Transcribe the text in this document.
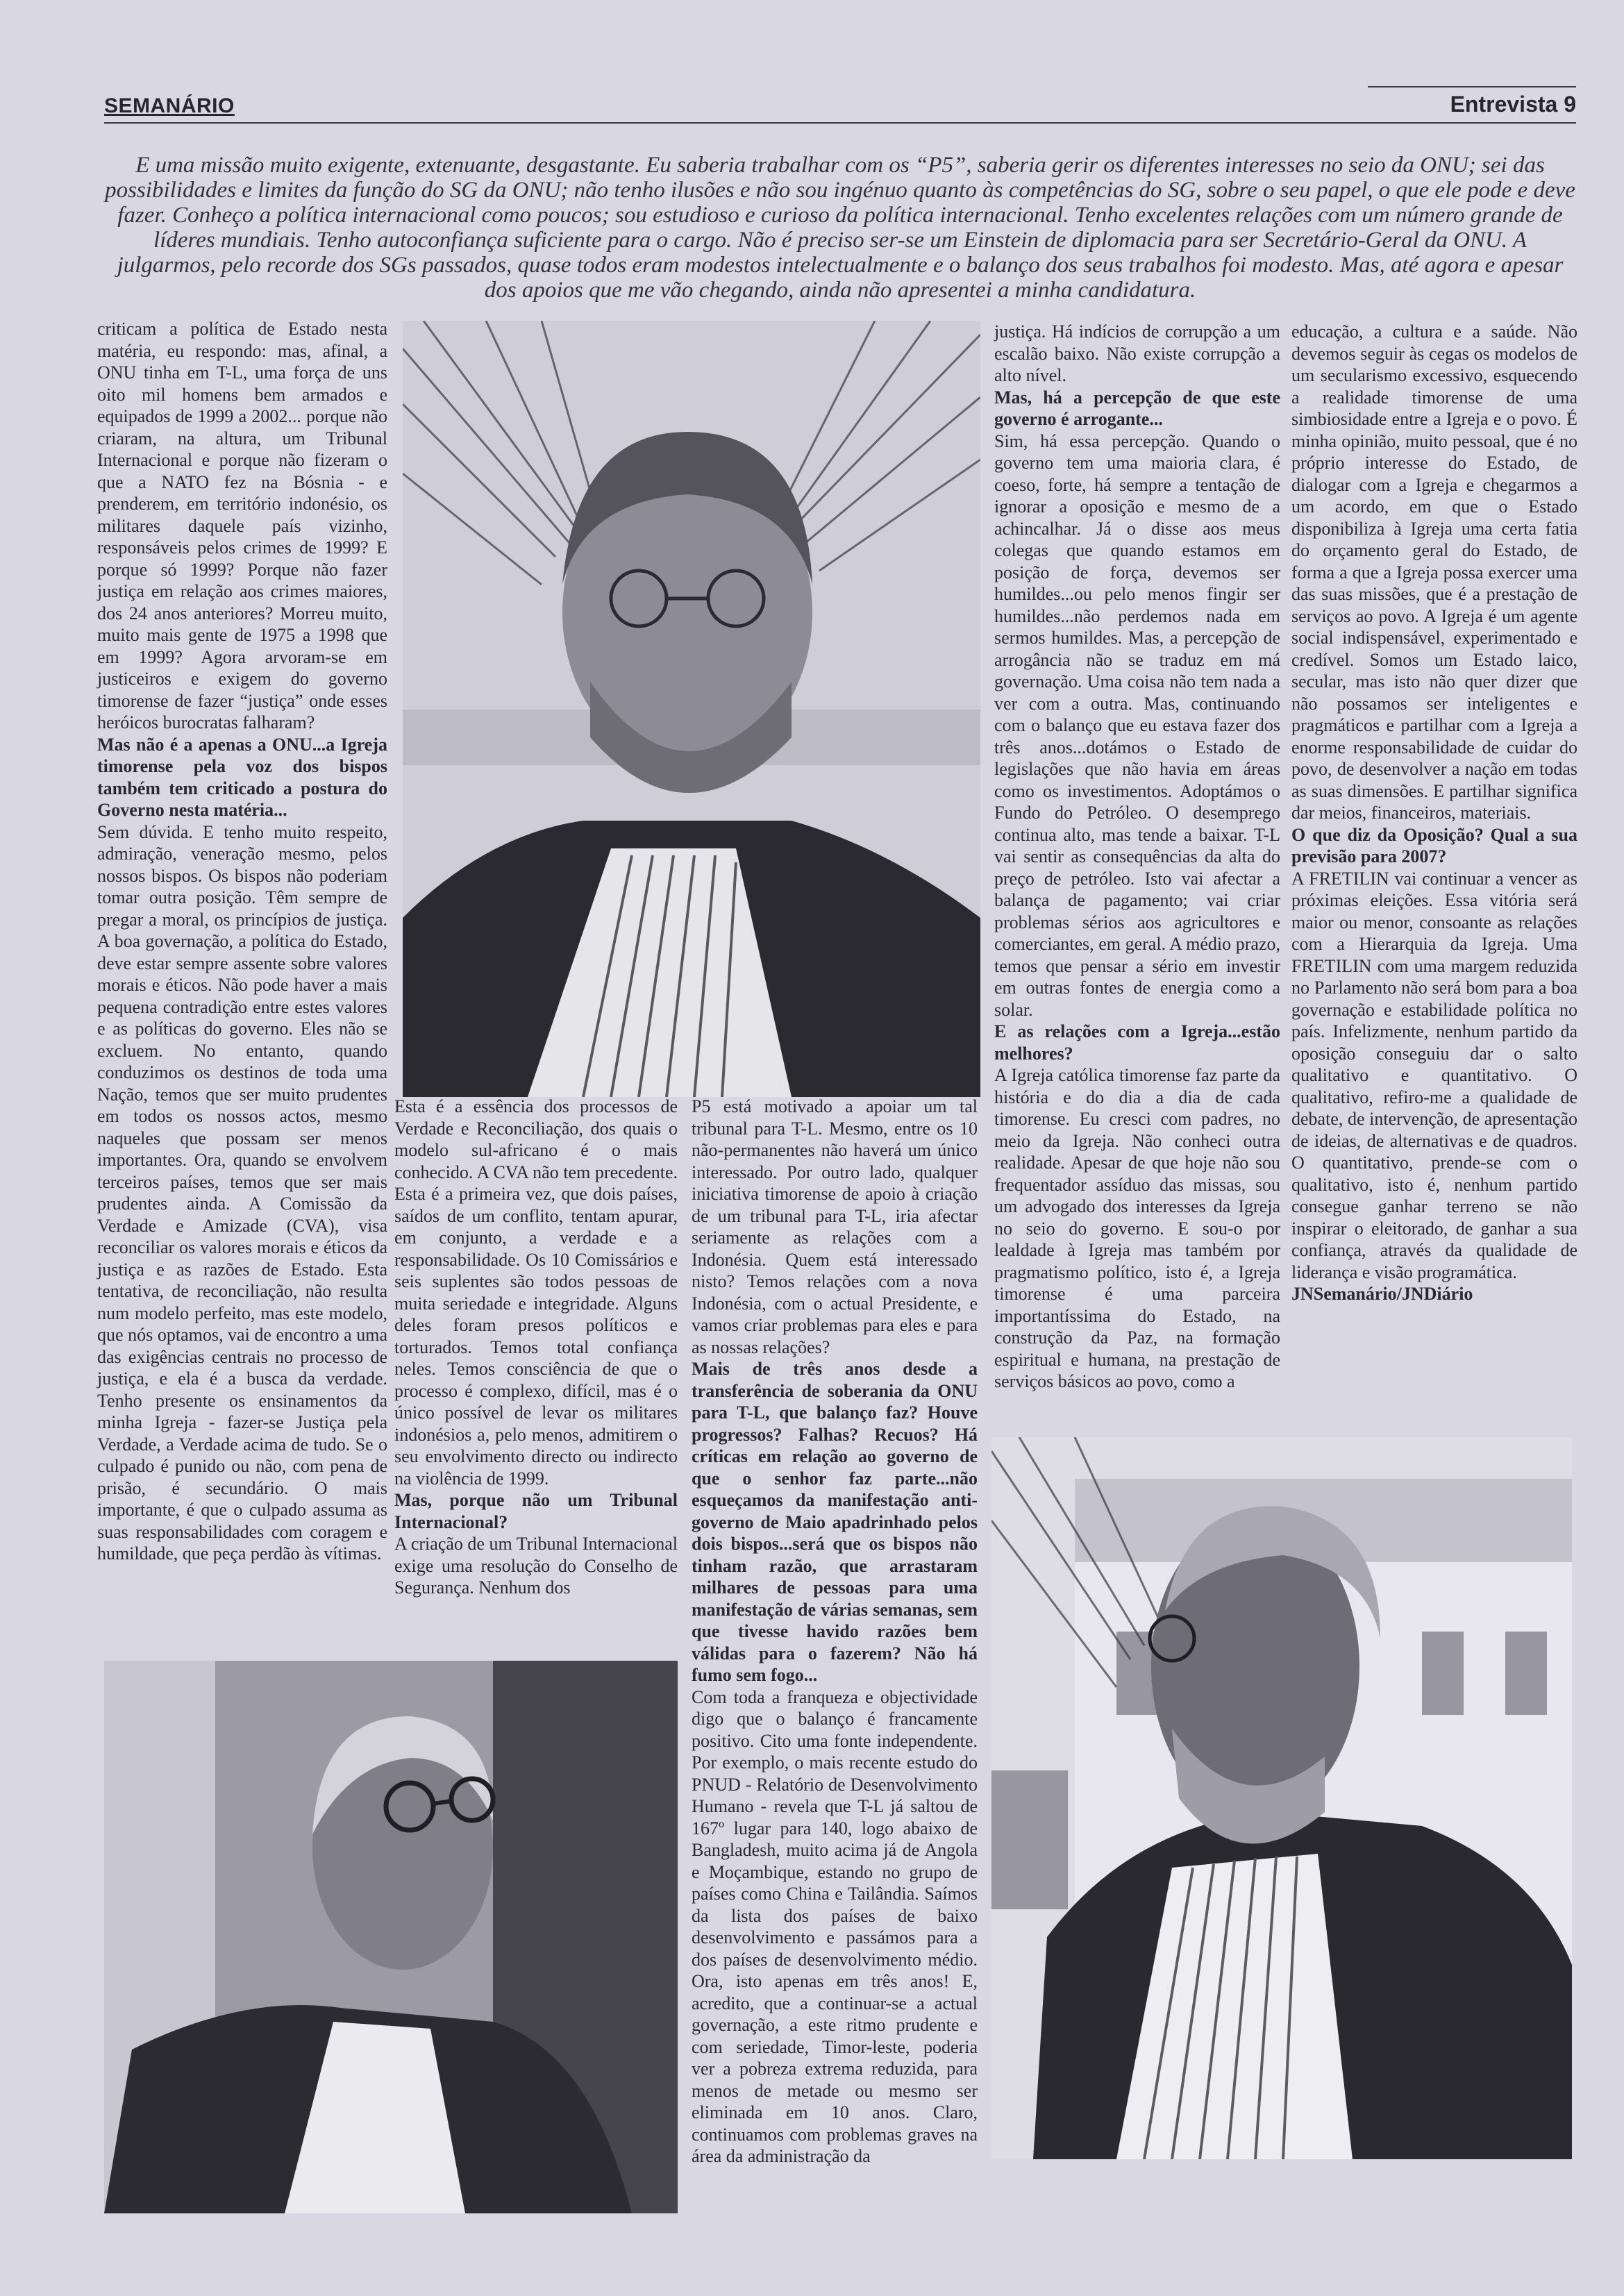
SEMANÁRIO	Entrevista 9
E uma missão muito exigente, extenuante, desgastante. Eu saberia trabalhar com os “P5”, saberia gerir os diferentes interesses no seio da ONU; sei das possibilidades e limites da função do SG da ONU; não tenho ilusões e não sou ingénuo quanto às competências do SG, sobre o seu papel, o que ele pode e deve fazer. Conheço a política internacional como poucos; sou estudioso e curioso da política internacional. Tenho excelentes relações com um número grande de líderes mundiais. Tenho autoconfiança suficiente para o cargo. Não é preciso ser-se um Einstein de diplomacia para ser Secretário-Geral da ONU. A julgarmos, pelo recorde dos SGs passados, quase todos eram modestos intelectualmente e o balanço dos seus trabalhos foi modesto. Mas, até agora e apesar dos apoios que me vão chegando, ainda não apresentei a minha candidatura.

criticam a política de Estado nesta matéria, eu respondo: mas, afinal, a ONU tinha em T-L, uma força de uns oito mil homens bem armados e equipados de 1999 a 2002... porque não criaram, na altura, um Tribunal Internacional e porque não fizeram o que a NATO fez na Bósnia - e prenderem, em território indonésio, os militares daquele país vizinho, responsáveis pelos crimes de 1999? E porque só 1999? Porque não fazer justiça em relação aos crimes maiores, dos 24 anos anteriores? Morreu muito, muito mais gente de 1975 a 1998 que em 1999? Agora arvoram-se em justiceiros e exigem do governo timorense de fazer “justiça” onde esses heróicos burocratas falharam?

Mas não é a apenas a ONU...a Igreja timorense pela voz dos bispos também tem criticado a postura do Governo nesta matéria...

Sem dúvida. E tenho muito respeito, admiração, veneração mesmo, pelos nossos bispos. Os bispos não poderiam tomar outra posição. Têm sempre de pregar a moral, os princípios de justiça. A boa governação, a política do Estado, deve estar sempre assente sobre valores morais e éticos. Não pode haver a mais pequena contradição entre estes valores e as políticas do governo. Eles não se excluem. No entanto, quando conduzimos os destinos de toda uma Nação, temos que ser muito prudentes em todos os nossos actos, mesmo naqueles que possam ser menos importantes. Ora, quando se envolvem terceiros países, temos que ser mais prudentes ainda. A Comissão da Verdade e Amizade (CVA), visa reconciliar os valores morais e éticos da justiça e as razões de Estado. Esta tentativa, de reconciliação, não resulta num modelo perfeito, mas este modelo, que nós optamos, vai de encontro a uma das exigências centrais no processo de justiça, e ela é a busca da verdade. Tenho presente os ensinamentos da minha Igreja - fazer-se Justiça pela Verdade, a Verdade acima de tudo. Se o culpado é punido ou não, com pena de prisão, é secundário. O mais importante, é que o culpado assuma as suas responsabilidades com coragem e humildade, que peça perdão às vítimas.

Esta é a essência dos processos de Verdade e Reconciliação, dos quais o modelo sul-africano é o mais conhecido. A CVA não tem precedente. Esta é a primeira vez, que dois países, saídos de um conflito, tentam apurar, em conjunto, a verdade e a responsabilidade. Os 10 Comissários e seis suplentes são todos pessoas de muita seriedade e integridade. Alguns deles foram presos políticos e torturados. Temos total confiança neles. Temos consciência de que o processo é complexo, difícil, mas é o único possível de levar os militares indonésios a, pelo menos, admitirem o seu envolvimento directo ou indirecto na violência de 1999.

Mas, porque não um Tribunal Internacional?

A criação de um Tribunal Internacional exige uma resolução do Conselho de Segurança. Nenhum dos

P5 está motivado a apoiar um tal tribunal para T-L. Mesmo, entre os 10 não-permanentes não haverá um único interessado. Por outro lado, qualquer iniciativa timorense de apoio à criação de um tribunal para T-L, iria afectar seriamente as relações com a Indonésia. Quem está interessado nisto? Temos relações com a nova Indonésia, com o actual Presidente, e vamos criar problemas para eles e para as nossas relações?

Mais de três anos desde a transferência de soberania da ONU para T-L, que balanço faz? Houve progressos? Falhas? Recuos? Há críticas em relação ao governo de que o senhor faz parte...não esqueçamos da manifestação anti-governo de Maio apadrinhado pelos dois bispos...será que os bispos não tinham razão, que arrastaram milhares de pessoas para uma manifestação de várias semanas, sem que tivesse havido razões bem válidas para o fazerem? Não há fumo sem fogo...

Com toda a franqueza e objectividade digo que o balanço é francamente positivo. Cito uma fonte independente. Por exemplo, o mais recente estudo do PNUD - Relatório de Desenvolvimento Humano - revela que T-L já saltou de 167º lugar para 140, logo abaixo de Bangladesh, muito acima já de Angola e Moçambique, estando no grupo de países como China e Tailândia. Saímos da lista dos países de baixo desenvolvimento e passámos para a dos países de desenvolvimento médio. Ora, isto apenas em três anos! E, acredito, que a continuar-se a actual governação, a este ritmo prudente e com seriedade, Timor-leste, poderia ver a pobreza extrema reduzida, para menos de metade ou mesmo ser eliminada em 10 anos. Claro, continuamos com problemas graves na área da administração da

justiça. Há indícios de corrupção a um escalão baixo. Não existe corrupção a alto nível.

Mas, há a percepção de que este governo é arrogante...

Sim, há essa percepção. Quando o governo tem uma maioria clara, é coeso, forte, há sempre a tentação de ignorar a oposição e mesmo de a achincalhar. Já o disse aos meus colegas que quando estamos em posição de força, devemos ser humildes...ou pelo menos fingir ser humildes...não perdemos nada em sermos humildes. Mas, a percepção de arrogância não se traduz em má governação. Uma coisa não tem nada a ver com a outra. Mas, continuando com o balanço que eu estava fazer dos três anos...dotámos o Estado de legislações que não havia em áreas como os investimentos. Adoptámos o Fundo do Petróleo. O desemprego continua alto, mas tende a baixar. T-L vai sentir as consequências da alta do preço de petróleo. Isto vai afectar a balança de pagamento; vai criar problemas sérios aos agricultores e comerciantes, em geral. A médio prazo, temos que pensar a sério em investir em outras fontes de energia como a solar.

E as relações com a Igreja...estão melhores?

A Igreja católica timorense faz parte da história e do dia a dia de cada timorense. Eu cresci com padres, no meio da Igreja. Não conheci outra realidade. Apesar de que hoje não sou frequentador assíduo das missas, sou um advogado dos interesses da Igreja no seio do governo. E sou-o por lealdade à Igreja mas também por pragmatismo político, isto é, a Igreja timorense é uma parceira importantíssima do Estado, na construção da Paz, na formação espiritual e humana, na prestação de serviços básicos ao povo, como a

educação, a cultura e a saúde. Não devemos seguir às cegas os modelos de um secularismo excessivo, esquecendo a realidade timorense de uma simbiosidade entre a Igreja e o povo. É minha opinião, muito pessoal, que é no próprio interesse do Estado, de dialogar com a Igreja e chegarmos a um acordo, em que o Estado disponibiliza à Igreja uma certa fatia do orçamento geral do Estado, de forma a que a Igreja possa exercer uma das suas missões, que é a prestação de serviços ao povo. A Igreja é um agente social indispensável, experimentado e credível. Somos um Estado laico, secular, mas isto não quer dizer que não possamos ser inteligentes e pragmáticos e partilhar com a Igreja a enorme responsabilidade de cuidar do povo, de desenvolver a nação em todas as suas dimensões. E partilhar significa dar meios, financeiros, materiais.

O que diz da Oposição? Qual a sua previsão para 2007?

A FRETILIN vai continuar a vencer as próximas eleições. Essa vitória será maior ou menor, consoante as relações com a Hierarquia da Igreja. Uma FRETILIN com uma margem reduzida no Parlamento não será bom para a boa governação e estabilidade política no país. Infelizmente, nenhum partido da oposição conseguiu dar o salto qualitativo e quantitativo. O qualitativo, refiro-me a qualidade de debate, de intervenção, de apresentação de ideias, de alternativas e de quadros. O quantitativo, prende-se com o qualitativo, isto é, nenhum partido consegue ganhar terreno se não inspirar o eleitorado, de ganhar a sua confiança, através da qualidade de liderança e visão programática.

JNSemanário/JNDiário
